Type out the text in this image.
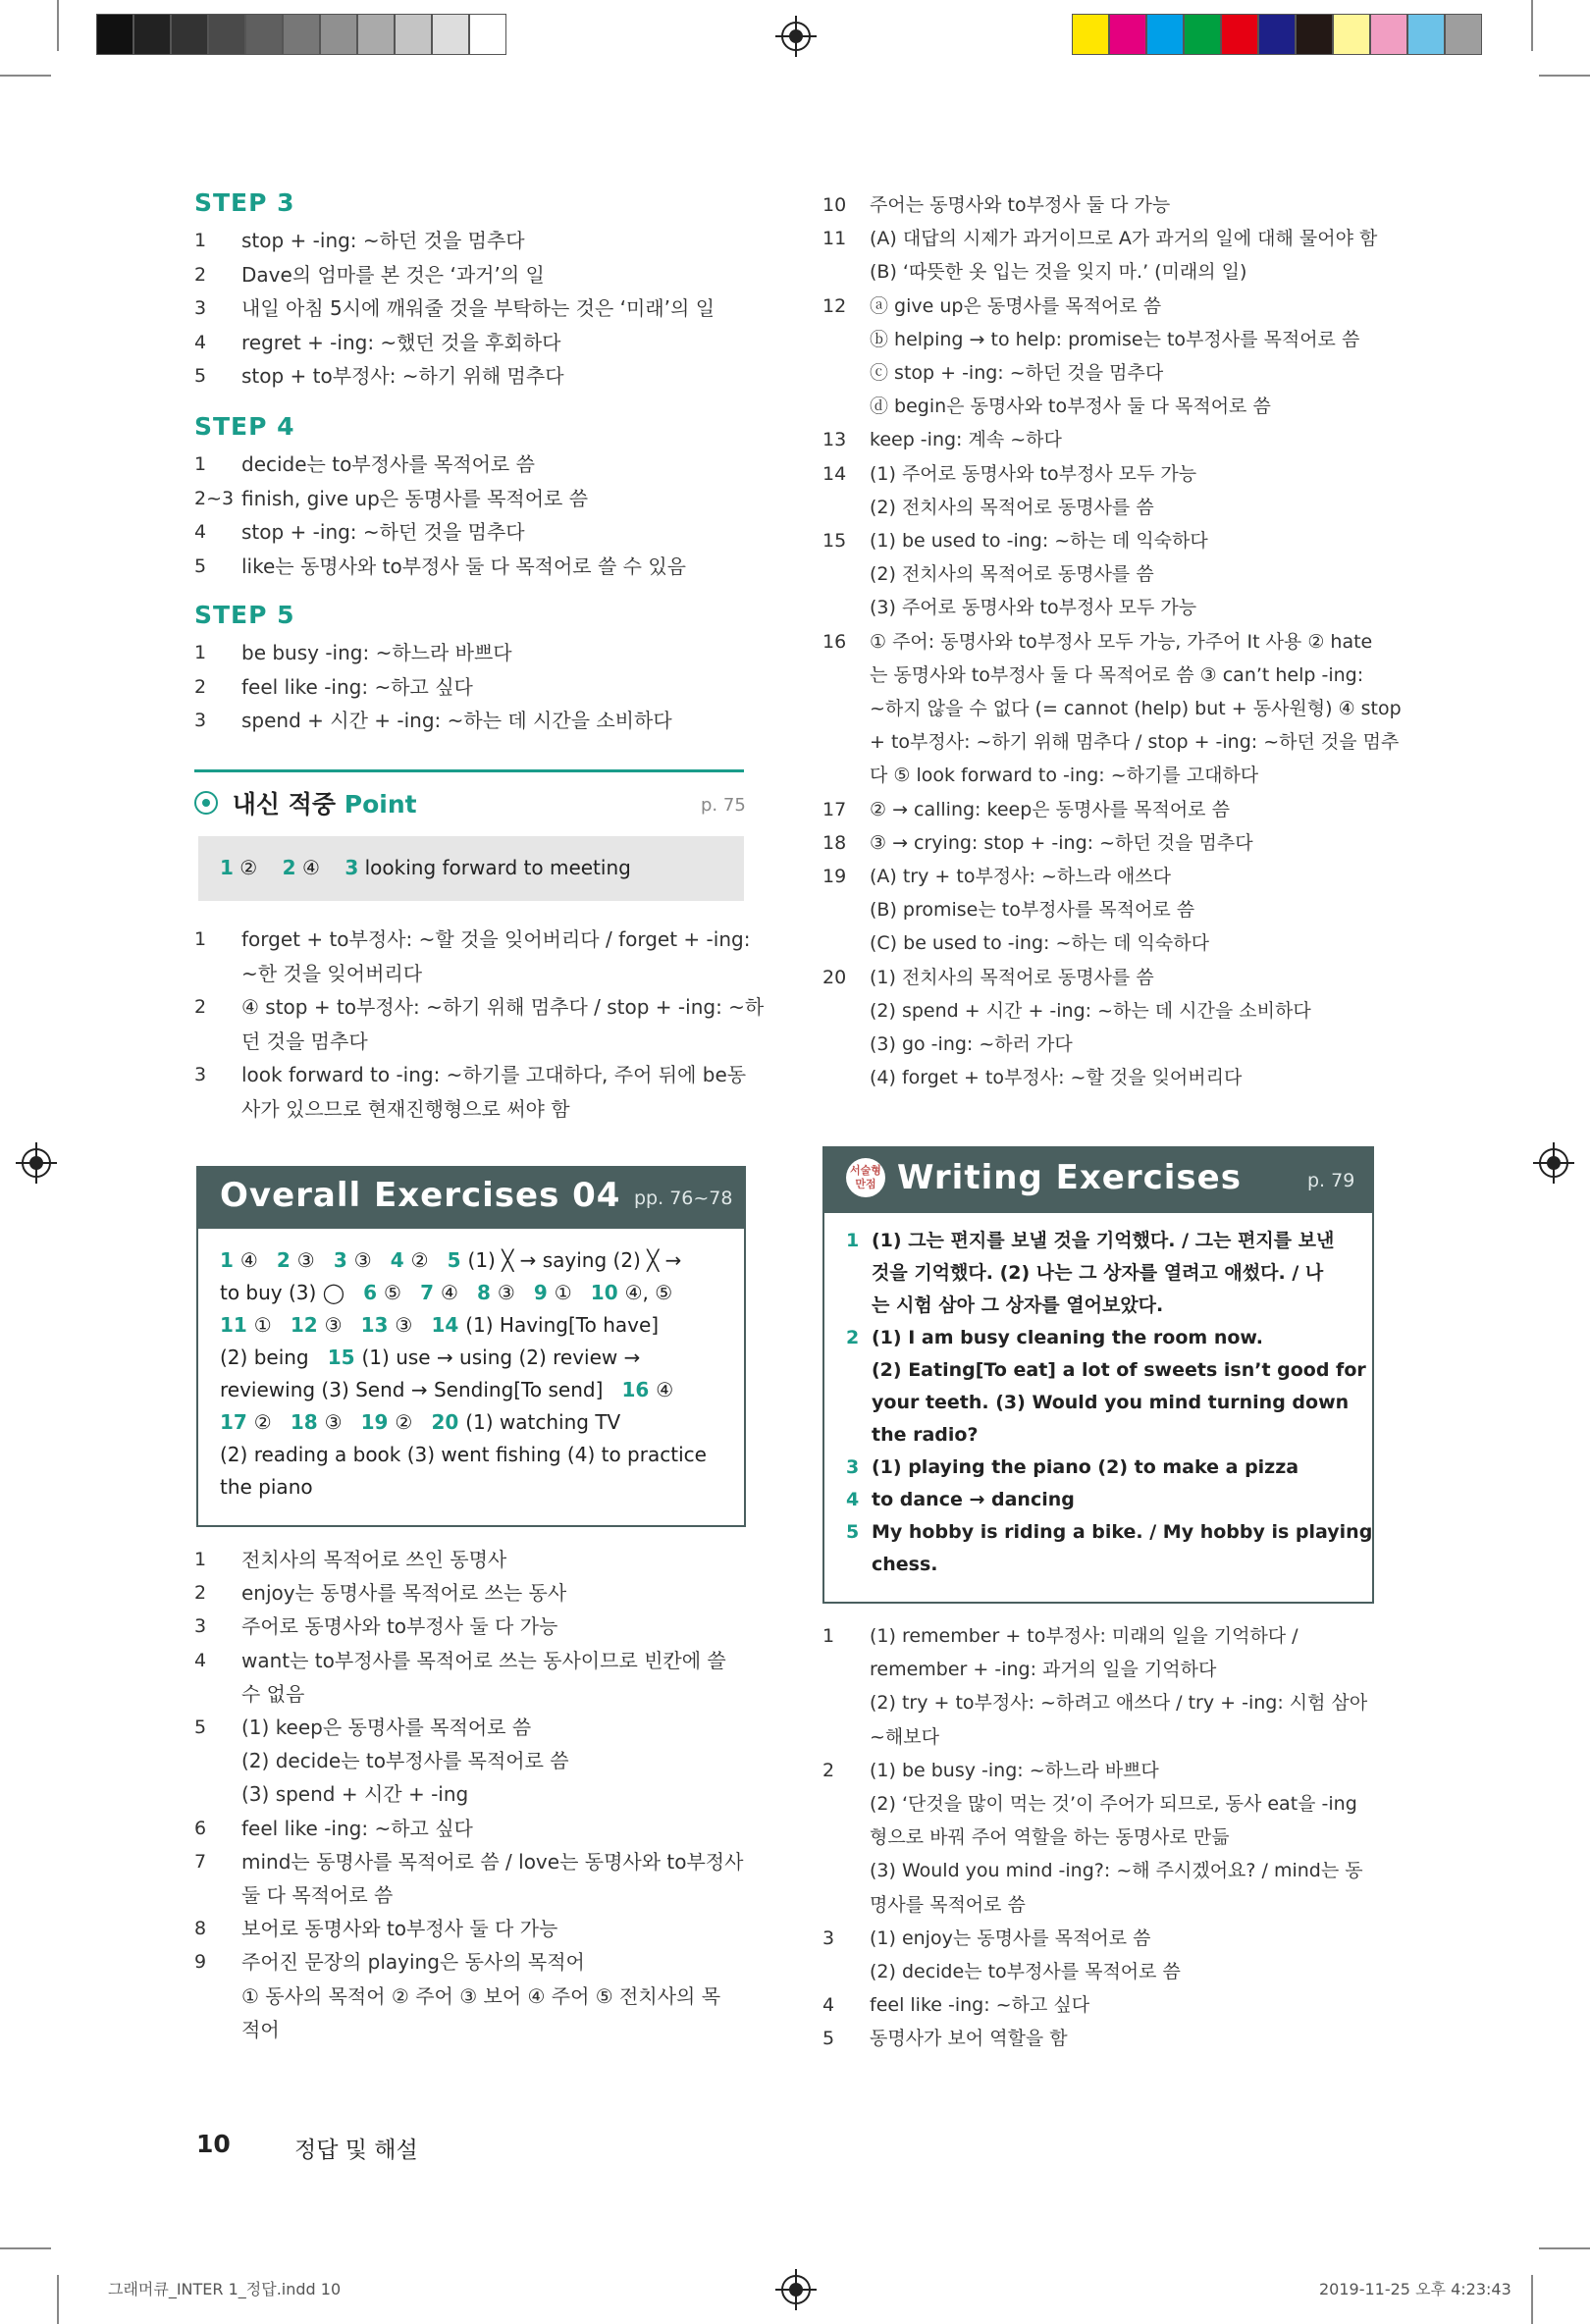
STEP 3
1 stop + -ing: ~하던 것을 멈추다
2 Dave의 엄마를 본 것은 ‘과거’의 일
3 내일 아침 5시에 깨워줄 것을 부탁하는 것은 ‘미래’의 일
4 regret + -ing: ~했던 것을 후회하다
5 stop + to부정사: ~하기 위해 멈추다
STEP 4
1 decide는 to부정사를 목적어로 씀
2~3 finish, give up은 동명사를 목적어로 씀
4 stop + -ing: ~하던 것을 멈추다
5 like는 동명사와 to부정사 둘 다 목적어로 쓸 수 있음
STEP 5
1 be busy -ing: ~하느라 바쁘다
2 feel like -ing: ~하고 싶다
3 spend + 시간 + -ing: ~하는 데 시간을 소비하다
내신 적중 Point	p. 75
1 ② 2 ④ 3 looking forward to meeting
1 forget + to부정사: ~할 것을 잊어버리다 / forget + -ing:
~한 것을 잊어버리다
2 ④ stop + to부정사: ~하기 위해 멈추다 / stop + -ing: ~하
던 것을 멈추다
3 look forward to -ing: ~하기를 고대하다, 주어 뒤에 be동
사가 있으므로 현재진행형으로 써야 함
Overall Exercises 04 pp. 76~78
1 ④ 2 ③ 3 ③ 4 ② 5 (1) ╳ → saying (2) ╳ →
to buy (3) ◯ 6 ⑤ 7 ④ 8 ③ 9 ① 10 ④, ⑤
11 ① 12 ③ 13 ③ 14 (1) Having[To have]
(2) being 15 (1) use → using (2) review →
reviewing (3) Send → Sending[To send] 16 ④
17 ② 18 ③ 19 ② 20 (1) watching TV
(2) reading a book (3) went fishing (4) to practice
the piano
1 전치사의 목적어로 쓰인 동명사
2 enjoy는 동명사를 목적어로 쓰는 동사
3 주어로 동명사와 to부정사 둘 다 가능
4 want는 to부정사를 목적어로 쓰는 동사이므로 빈칸에 쓸
수 없음
5 (1) keep은 동명사를 목적어로 씀
(2) decide는 to부정사를 목적어로 씀
(3) spend + 시간 + -ing
6 feel like -ing: ~하고 싶다
7 mind는 동명사를 목적어로 씀 / love는 동명사와 to부정사
둘 다 목적어로 씀
8 보어로 동명사와 to부정사 둘 다 가능
9 주어진 문장의 playing은 동사의 목적어
① 동사의 목적어 ② 주어 ③ 보어 ④ 주어 ⑤ 전치사의 목
적어
10 주어는 동명사와 to부정사 둘 다 가능
11 (A) 대답의 시제가 과거이므로 A가 과거의 일에 대해 물어야 함
(B) ‘따뜻한 옷 입는 것을 잊지 마.’ (미래의 일)
12 ⓐ give up은 동명사를 목적어로 씀
ⓑ helping → to help: promise는 to부정사를 목적어로 씀
ⓒ stop + -ing: ~하던 것을 멈추다
ⓓ begin은 동명사와 to부정사 둘 다 목적어로 씀
13 keep -ing: 계속 ~하다
14 (1) 주어로 동명사와 to부정사 모두 가능
(2) 전치사의 목적어로 동명사를 씀
15 (1) be used to -ing: ~하는 데 익숙하다
(2) 전치사의 목적어로 동명사를 씀
(3) 주어로 동명사와 to부정사 모두 가능
16 ① 주어: 동명사와 to부정사 모두 가능, 가주어 It 사용 ② hate
는 동명사와 to부정사 둘 다 목적어로 씀 ③ can’t help -ing:
~하지 않을 수 없다 (= cannot (help) but + 동사원형) ④ stop
+ to부정사: ~하기 위해 멈추다 / stop + -ing: ~하던 것을 멈추
다 ⑤ look forward to -ing: ~하기를 고대하다
17 ② → calling: keep은 동명사를 목적어로 씀
18 ③ → crying: stop + -ing: ~하던 것을 멈추다
19 (A) try + to부정사: ~하느라 애쓰다
(B) promise는 to부정사를 목적어로 씀
(C) be used to -ing: ~하는 데 익숙하다
20 (1) 전치사의 목적어로 동명사를 씀
(2) spend + 시간 + -ing: ~하는 데 시간을 소비하다
(3) go -ing: ~하러 가다
(4) forget + to부정사: ~할 것을 잊어버리다
서술형 만점 Writing Exercises	p. 79
1 (1) 그는 편지를 보낼 것을 기억했다. / 그는 편지를 보낸
것을 기억했다. (2) 나는 그 상자를 열려고 애썼다. / 나
는 시험 삼아 그 상자를 열어보았다.
2 (1) I am busy cleaning the room now.
(2) Eating[To eat] a lot of sweets isn’t good for
your teeth. (3) Would you mind turning down
the radio?
3 (1) playing the piano (2) to make a pizza
4 to dance → dancing
5 My hobby is riding a bike. / My hobby is playing
chess.
1 (1) remember + to부정사: 미래의 일을 기억하다 /
remember + -ing: 과거의 일을 기억하다
(2) try + to부정사: ~하려고 애쓰다 / try + -ing: 시험 삼아
~해보다
2 (1) be busy -ing: ~하느라 바쁘다
(2) ‘단것을 많이 먹는 것’이 주어가 되므로, 동사 eat을 -ing
형으로 바꿔 주어 역할을 하는 동명사로 만듦
(3) Would you mind -ing?: ~해 주시겠어요? / mind는 동
명사를 목적어로 씀
3 (1) enjoy는 동명사를 목적어로 씀
(2) decide는 to부정사를 목적어로 씀
4 feel like -ing: ~하고 싶다
5 동명사가 보어 역할을 함
10	정답 및 해설
그래머큐_INTER 1_정답.indd 10	2019-11-25 오후 4:23:43
